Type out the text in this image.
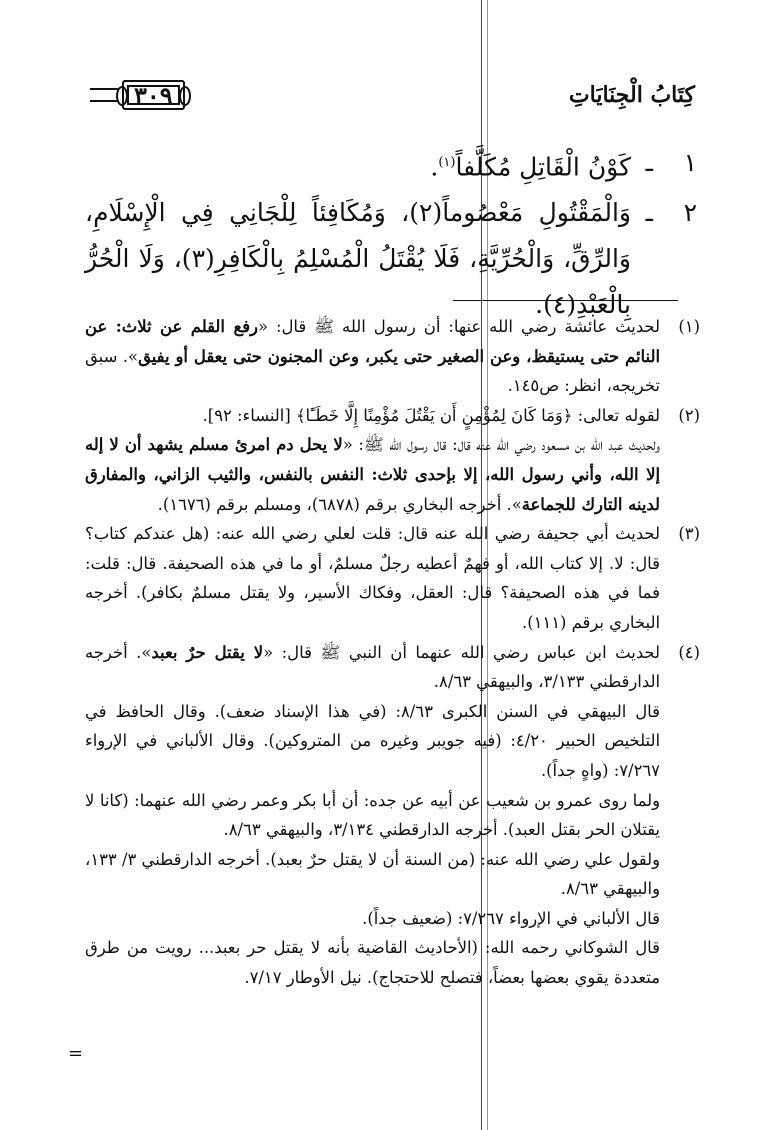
كِتَابُ الْجِنَايَاتِ
٣٠٩
١
ـ
كَوْنُ الْقَاتِلِ مُكَلَّفاً$^{(١)}$.
٢
ـ
وَالْمَقْتُولِ مَعْصُوماً(٢)، وَمُكَافِئاً لِلْجَانِي فِي الْإِسْلَامِ، وَالرِّقِّ، وَالْحُرِّيَّةِ، فَلَا يُقْتَلُ الْمُسْلِمُ بِالْكَافِرِ(٣)، وَلَا الْحُرُّ بِالْعَبْدِ(٤).
(١)

لحديث عائشة رضي الله عنها: أن رسول الله ﷺ قال: «رفع القلم عن ثلاث: عن النائم حتى يستيقظ، وعن الصغير حتى يكبر، وعن المجنون حتى يعقل أو يفيق». سبق تخريجه، انظر: ص١٤٥.

(٢)

لقوله تعالى: ﴿وَمَا كَانَ لِمُؤْمِنٍ أَن يَقْتُلَ مُؤْمِنًا إِلَّا خَطَـًٔا﴾ [النساء: ٩٢].

ولحديث عبد الله بن مسعود رضي الله عنه قال: قال رسول الله ﷺ: «لا يحل دم امرئ مسلم يشهد أن لا إله إلا الله، وأني رسول الله، إلا بإحدى ثلاث: النفس بالنفس، والثيب الزاني، والمفارق لدينه التارك للجماعة». أخرجه البخاري برقم (٦٨٧٨)، ومسلم برقم (١٦٧٦).

(٣)

لحديث أبي جحيفة رضي الله عنه قال: قلت لعلي رضي الله عنه: (هل عندكم كتاب؟ قال: لا. إلا كتاب الله، أو فهمٌ أعطيه رجلٌ مسلمٌ، أو ما في هذه الصحيفة. قال: قلت: فما في هذه الصحيفة؟ قال: العقل، وفكاك الأسير، ولا يقتل مسلمٌ بكافر). أخرجه البخاري برقم (١١١).

(٤)

لحديث ابن عباس رضي الله عنهما أن النبي ﷺ قال: «لا يقتل حرٌ بعبد». أخرجه الدارقطني ٣/١٣٣، والبيهقي ٨/٦٣.

قال البيهقي في السنن الكبرى ٨/٦٣: (في هذا الإسناد ضعف). وقال الحافظ في التلخيص الحبير ٤/٢٠: (فيه جويبر وغيره من المتروكين). وقال الألباني في الإرواء ٧/٢٦٧: (واهٍ جداً).

ولما روى عمرو بن شعيب عن أبيه عن جده: أن أبا بكر وعمر رضي الله عنهما: (كانا لا يقتلان الحر بقتل العبد). أخرجه الدارقطني ٣/١٣٤، والبيهقي ٨/٦٣.

ولقول علي رضي الله عنه: (من السنة أن لا يقتل حرٌ بعبد). أخرجه الدارقطني ٣/ ١٣٣، والبيهقي ٨/٦٣.

قال الألباني في الإرواء ٧/٢٦٧: (ضعيف جداً).

قال الشوكاني رحمه الله: (الأحاديث القاضية بأنه لا يقتل حر بعبد... رويت من طرق متعددة يقوي بعضها بعضاً، فتصلح للاحتجاج). نيل الأوطار ٧/١٧.

=
